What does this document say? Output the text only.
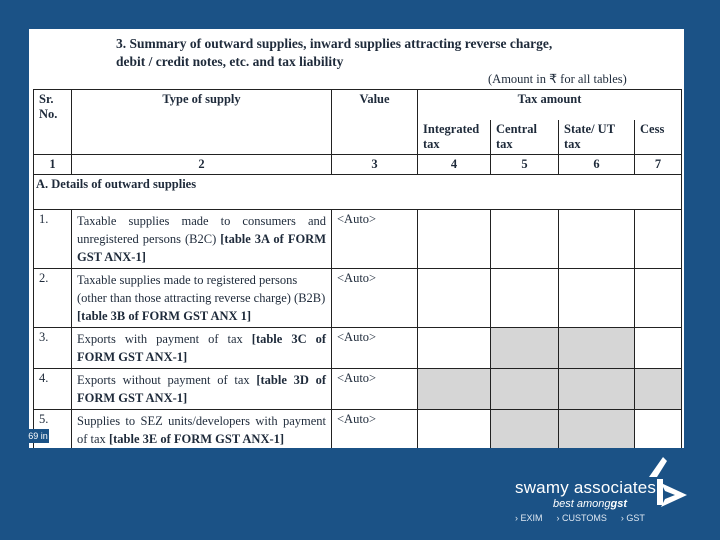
3. Summary of outward supplies, inward supplies attracting reverse charge,
debit / credit notes, etc. and tax liability
(Amount in ₹ for all tables)
Sr. No.	Type of supply	Value	Tax amount			
			Integrated tax	Central tax	State/ UT tax	Cess
1	2	3	4	5	6	7
A. Details of outward supplies						
1.	Taxable supplies made to consumers and unregistered persons (B2C) [table 3A of FORM GST ANX-1]	<Auto>				
2.	Taxable supplies made to registered persons (other than those attracting reverse charge) (B2B) [table 3B of FORM GST ANX 1]	<Auto>				
3.	Exports with payment of tax [table 3C of FORM GST ANX-1]	<Auto>				
4.	Exports without payment of tax [table 3D of FORM GST ANX-1]	<Auto>				
5.	Supplies to SEZ units/developers with payment of tax [table 3E of FORM GST ANX-1]	<Auto>				
69 in
swamy associates
best amonggst
› EXIM › CUSTOMS › GST
